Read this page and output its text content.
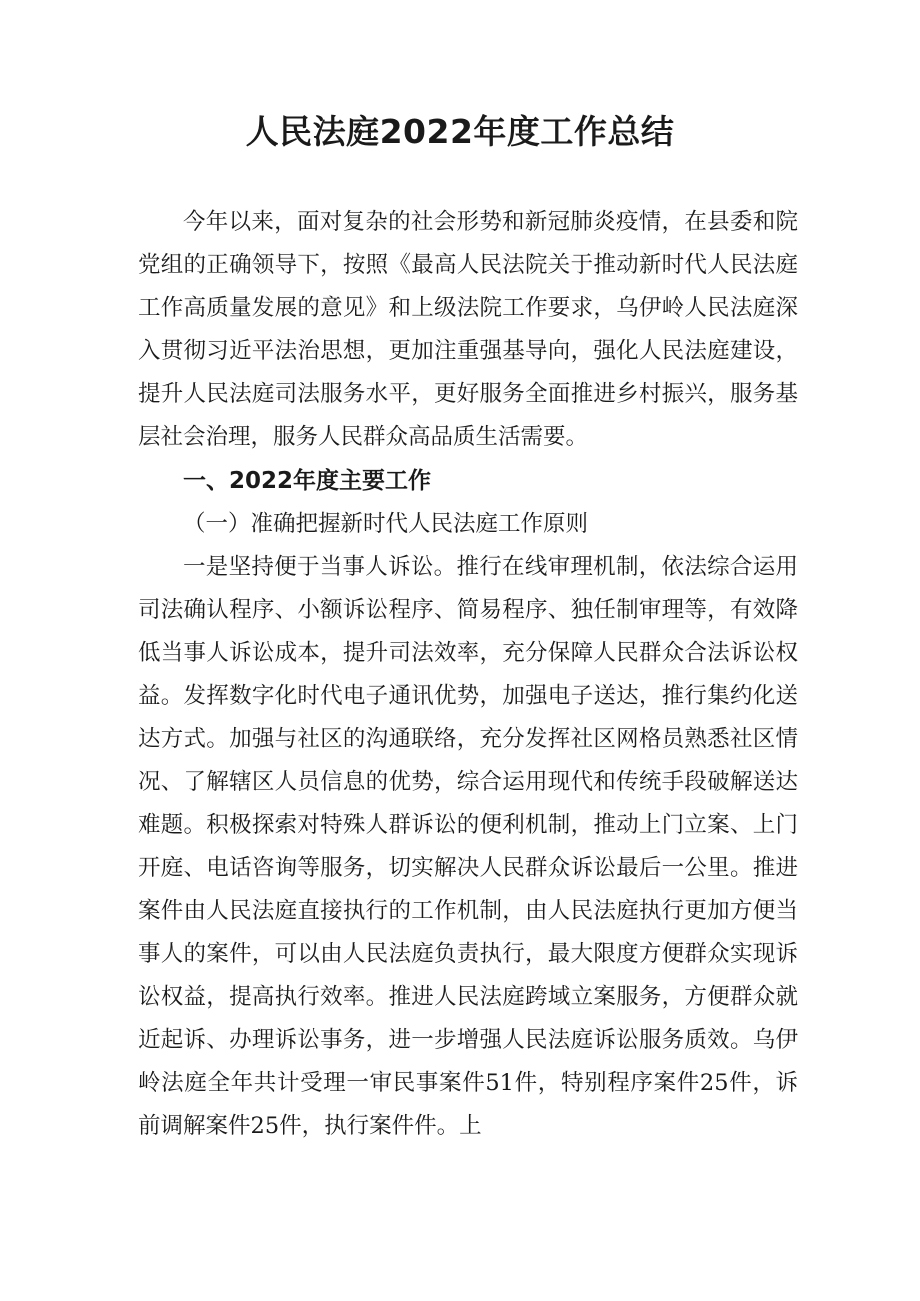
人民法庭2022年度工作总结

今年以来，面对复杂的社会形势和新冠肺炎疫情，在县委和院党组的正确领导下，按照《最高人民法院关于推动新时代人民法庭工作高质量发展的意见》和上级法院工作要求，乌伊岭人民法庭深入贯彻习近平法治思想，更加注重强基导向，强化人民法庭建设，提升人民法庭司法服务水平，更好服务全面推进乡村振兴，服务基层社会治理，服务人民群众高品质生活需要。

一、2022年度主要工作
（一）准确把握新时代人民法庭工作原则

一是坚持便于当事人诉讼。推行在线审理机制，依法综合运用司法确认程序、小额诉讼程序、简易程序、独任制审理等，有效降低当事人诉讼成本，提升司法效率，充分保障人民群众合法诉讼权益。发挥数字化时代电子通讯优势，加强电子送达，推行集约化送达方式。加强与社区的沟通联络，充分发挥社区网格员熟悉社区情况、了解辖区人员信息的优势，综合运用现代和传统手段破解送达难题。积极探索对特殊人群诉讼的便利机制，推动上门立案、上门开庭、电话咨询等服务，切实解决人民群众诉讼最后一公里。推进案件由人民法庭直接执行的工作机制，由人民法庭执行更加方便当事人的案件，可以由人民法庭负责执行，最大限度方便群众实现诉讼权益，提高执行效率。推进人民法庭跨域立案服务，方便群众就近起诉、办理诉讼事务，进一步增强人民法庭诉讼服务质效。乌伊岭法庭全年共计受理一审民事案件51件，特别程序案件25件，诉前调解案件25件，执行案件件。上
